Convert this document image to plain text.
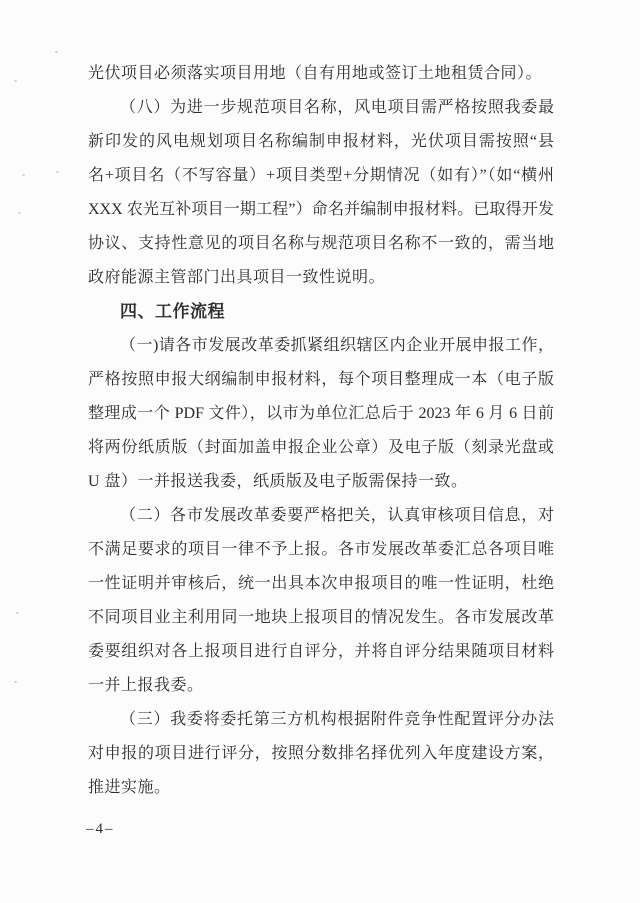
光伏项目必须落实项目用地（自有用地或签订土地租赁合同）。
（八）为进一步规范项目名称，风电项目需严格按照我委最
新印发的风电规划项目名称编制申报材料，光伏项目需按照“县
名+项目名（不写容量）+项目类型+分期情况（如有）”（如“横州
XXX 农光互补项目一期工程”）命名并编制申报材料。已取得开发
协议、支持性意见的项目名称与规范项目名称不一致的，需当地
政府能源主管部门出具项目一致性说明。
四、工作流程
（一)请各市发展改革委抓紧组织辖区内企业开展申报工作，
严格按照申报大纲编制申报材料，每个项目整理成一本（电子版
整理成一个 PDF 文件），以市为单位汇总后于 2023 年 6 月 6 日前
将两份纸质版（封面加盖申报企业公章）及电子版（刻录光盘或
U 盘）一并报送我委，纸质版及电子版需保持一致。
（二）各市发展改革委要严格把关，认真审核项目信息，对
不满足要求的项目一律不予上报。各市发展改革委汇总各项目唯
一性证明并审核后，统一出具本次申报项目的唯一性证明，杜绝
不同项目业主利用同一地块上报项目的情况发生。各市发展改革
委要组织对各上报项目进行自评分，并将自评分结果随项目材料
一并上报我委。
（三）我委将委托第三方机构根据附件竞争性配置评分办法
对申报的项目进行评分，按照分数排名择优列入年度建设方案，
推进实施。
–4–
